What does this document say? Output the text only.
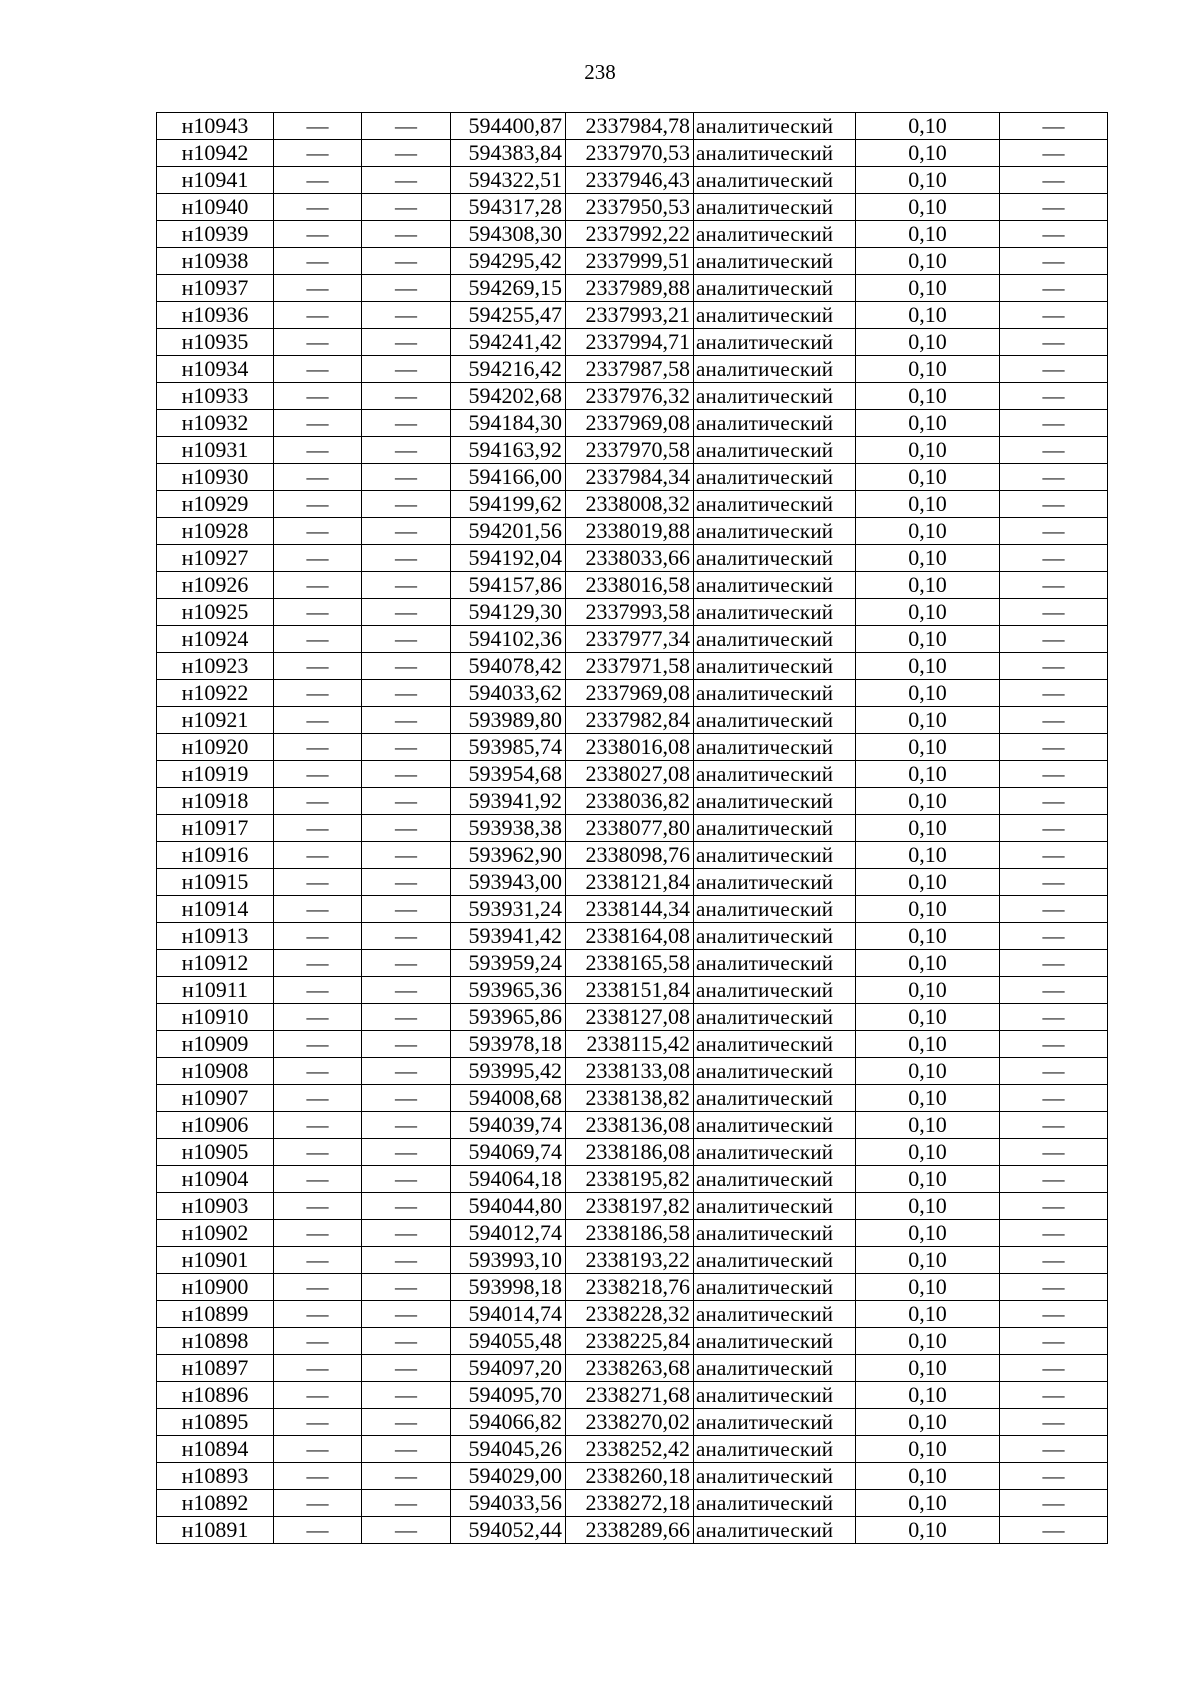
238
н10943	—	—	594400,87	2337984,78	аналитический	0,10	—
н10942	—	—	594383,84	2337970,53	аналитический	0,10	—
н10941	—	—	594322,51	2337946,43	аналитический	0,10	—
н10940	—	—	594317,28	2337950,53	аналитический	0,10	—
н10939	—	—	594308,30	2337992,22	аналитический	0,10	—
н10938	—	—	594295,42	2337999,51	аналитический	0,10	—
н10937	—	—	594269,15	2337989,88	аналитический	0,10	—
н10936	—	—	594255,47	2337993,21	аналитический	0,10	—
н10935	—	—	594241,42	2337994,71	аналитический	0,10	—
н10934	—	—	594216,42	2337987,58	аналитический	0,10	—
н10933	—	—	594202,68	2337976,32	аналитический	0,10	—
н10932	—	—	594184,30	2337969,08	аналитический	0,10	—
н10931	—	—	594163,92	2337970,58	аналитический	0,10	—
н10930	—	—	594166,00	2337984,34	аналитический	0,10	—
н10929	—	—	594199,62	2338008,32	аналитический	0,10	—
н10928	—	—	594201,56	2338019,88	аналитический	0,10	—
н10927	—	—	594192,04	2338033,66	аналитический	0,10	—
н10926	—	—	594157,86	2338016,58	аналитический	0,10	—
н10925	—	—	594129,30	2337993,58	аналитический	0,10	—
н10924	—	—	594102,36	2337977,34	аналитический	0,10	—
н10923	—	—	594078,42	2337971,58	аналитический	0,10	—
н10922	—	—	594033,62	2337969,08	аналитический	0,10	—
н10921	—	—	593989,80	2337982,84	аналитический	0,10	—
н10920	—	—	593985,74	2338016,08	аналитический	0,10	—
н10919	—	—	593954,68	2338027,08	аналитический	0,10	—
н10918	—	—	593941,92	2338036,82	аналитический	0,10	—
н10917	—	—	593938,38	2338077,80	аналитический	0,10	—
н10916	—	—	593962,90	2338098,76	аналитический	0,10	—
н10915	—	—	593943,00	2338121,84	аналитический	0,10	—
н10914	—	—	593931,24	2338144,34	аналитический	0,10	—
н10913	—	—	593941,42	2338164,08	аналитический	0,10	—
н10912	—	—	593959,24	2338165,58	аналитический	0,10	—
н10911	—	—	593965,36	2338151,84	аналитический	0,10	—
н10910	—	—	593965,86	2338127,08	аналитический	0,10	—
н10909	—	—	593978,18	2338115,42	аналитический	0,10	—
н10908	—	—	593995,42	2338133,08	аналитический	0,10	—
н10907	—	—	594008,68	2338138,82	аналитический	0,10	—
н10906	—	—	594039,74	2338136,08	аналитический	0,10	—
н10905	—	—	594069,74	2338186,08	аналитический	0,10	—
н10904	—	—	594064,18	2338195,82	аналитический	0,10	—
н10903	—	—	594044,80	2338197,82	аналитический	0,10	—
н10902	—	—	594012,74	2338186,58	аналитический	0,10	—
н10901	—	—	593993,10	2338193,22	аналитический	0,10	—
н10900	—	—	593998,18	2338218,76	аналитический	0,10	—
н10899	—	—	594014,74	2338228,32	аналитический	0,10	—
н10898	—	—	594055,48	2338225,84	аналитический	0,10	—
н10897	—	—	594097,20	2338263,68	аналитический	0,10	—
н10896	—	—	594095,70	2338271,68	аналитический	0,10	—
н10895	—	—	594066,82	2338270,02	аналитический	0,10	—
н10894	—	—	594045,26	2338252,42	аналитический	0,10	—
н10893	—	—	594029,00	2338260,18	аналитический	0,10	—
н10892	—	—	594033,56	2338272,18	аналитический	0,10	—
н10891	—	—	594052,44	2338289,66	аналитический	0,10	—
